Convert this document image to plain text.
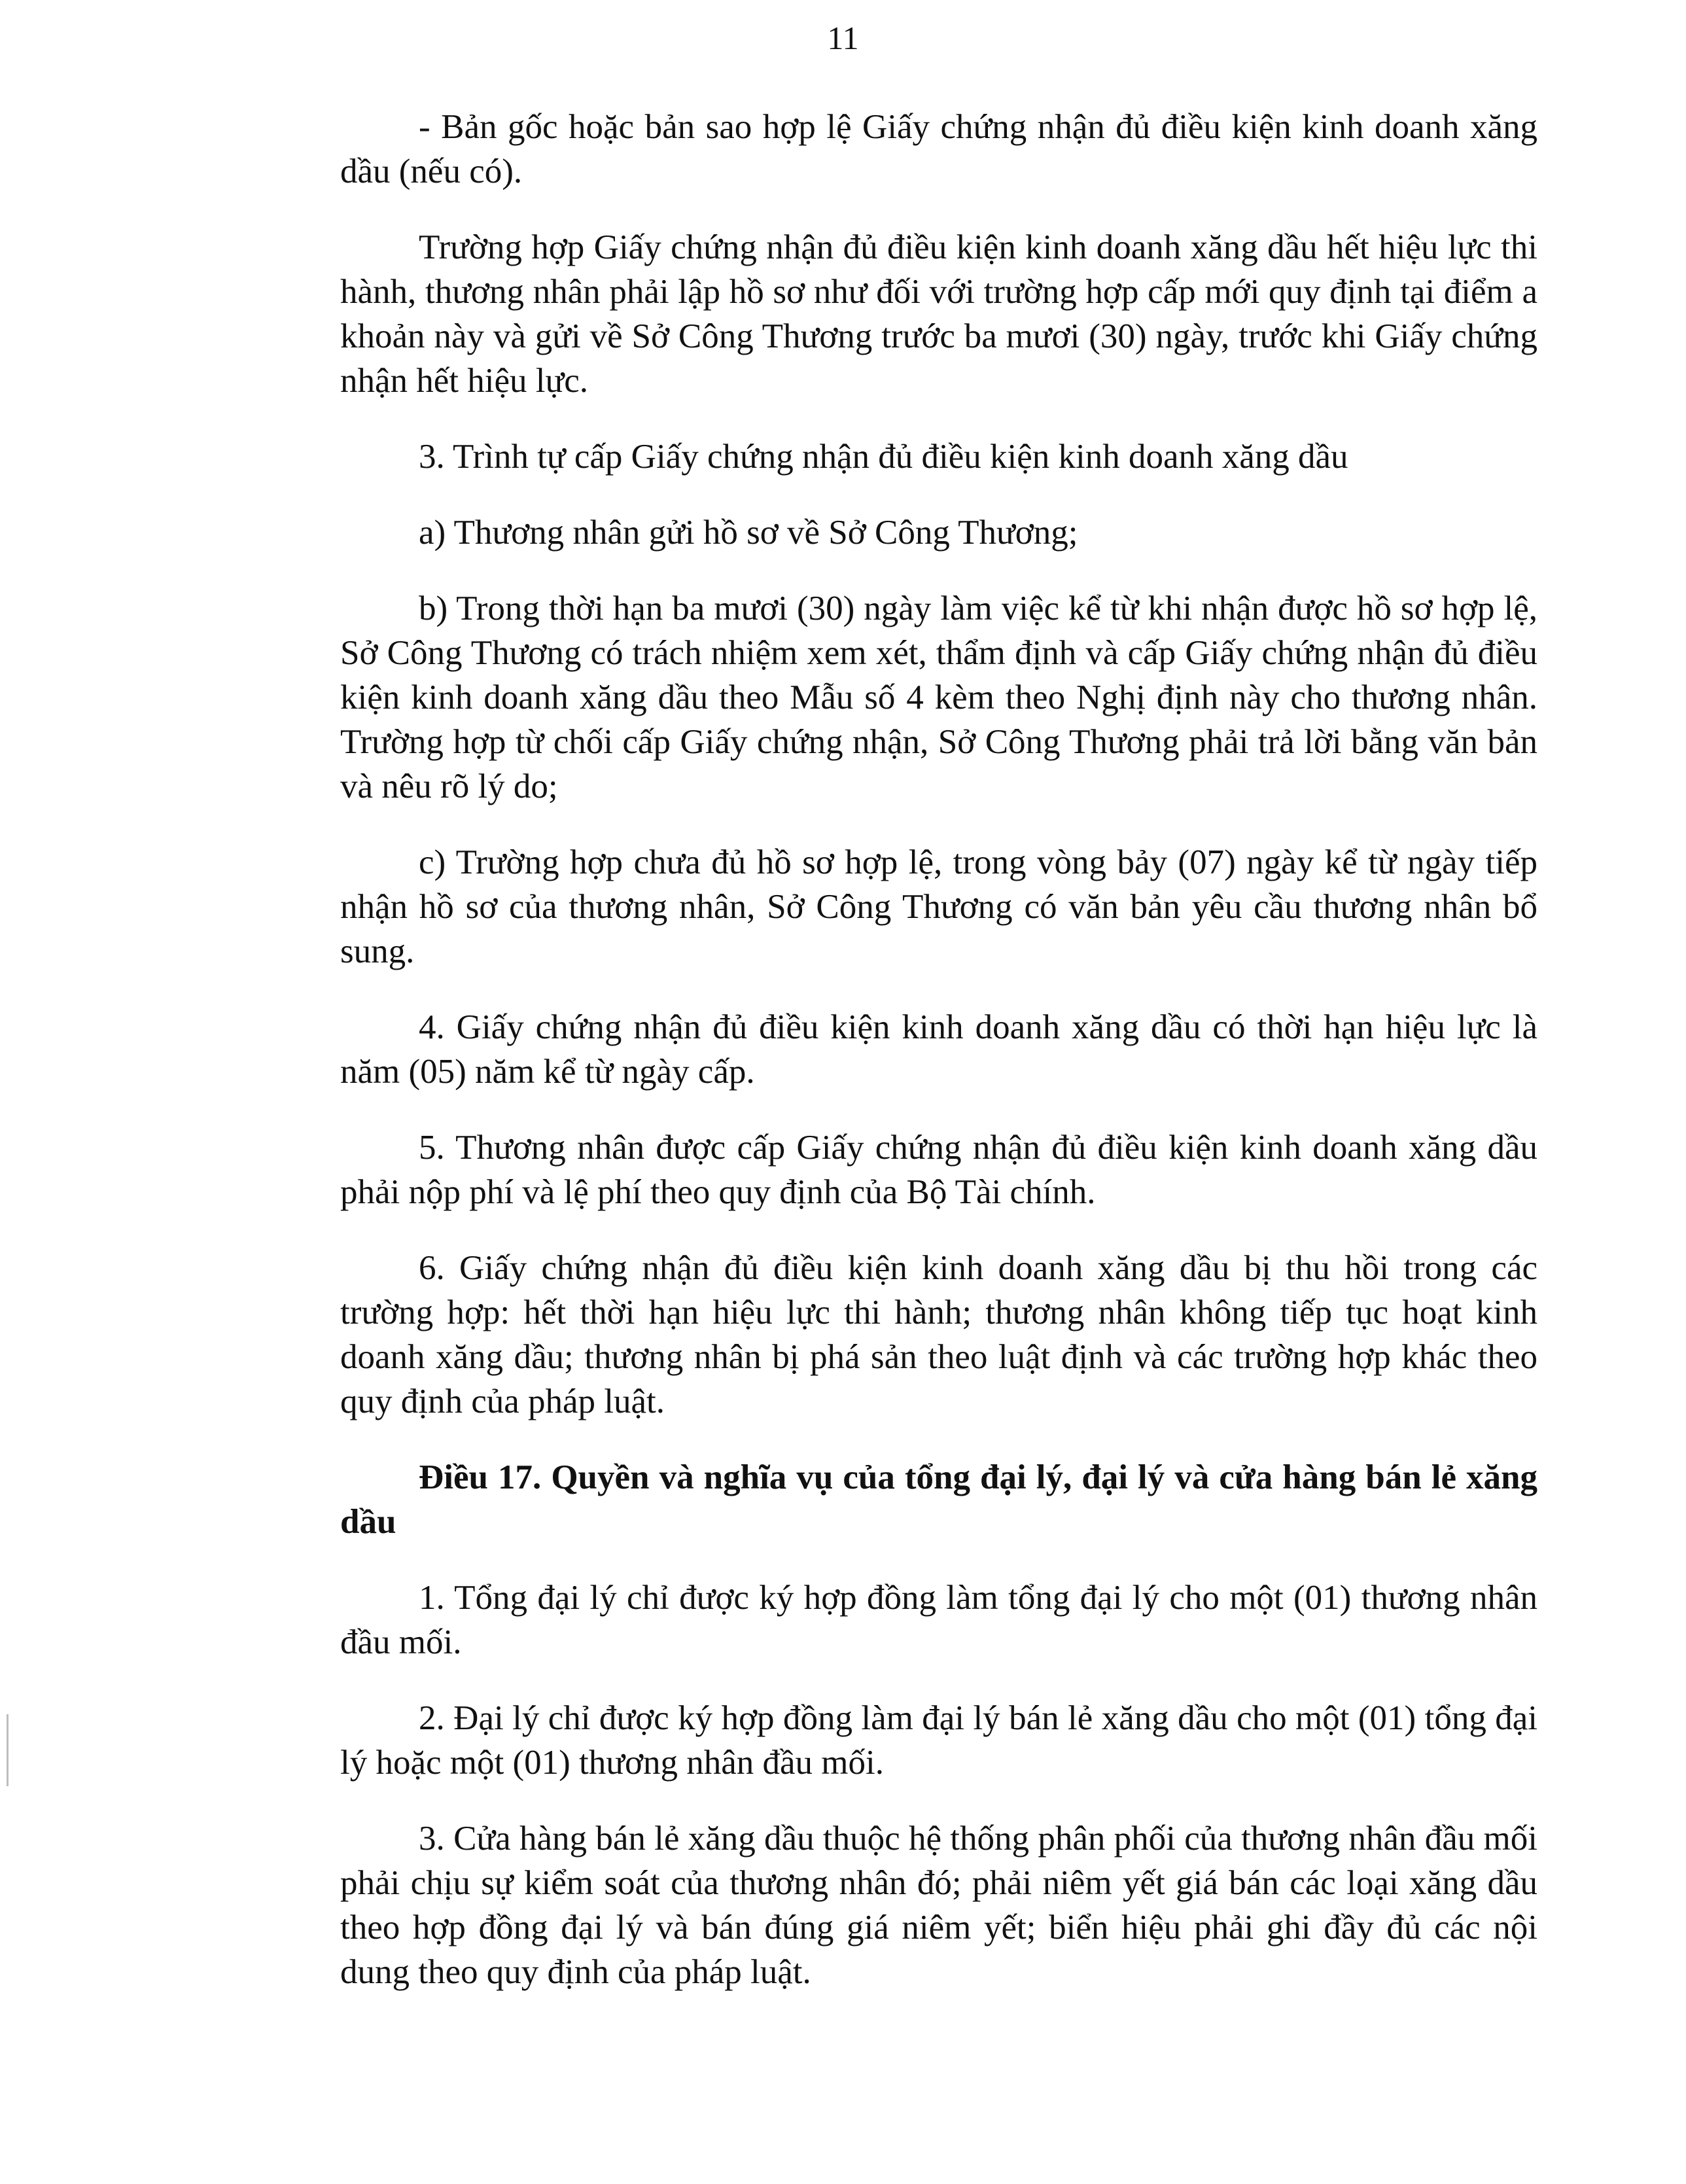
11

- Bản gốc hoặc bản sao hợp lệ Giấy chứng nhận đủ điều kiện kinh doanh xăng dầu (nếu có).

Trường hợp Giấy chứng nhận đủ điều kiện kinh doanh xăng dầu hết hiệu lực thi hành, thương nhân phải lập hồ sơ như đối với trường hợp cấp mới quy định tại điểm a khoản này và gửi về Sở Công Thương trước ba mươi (30) ngày, trước khi Giấy chứng nhận hết hiệu lực.

3. Trình tự cấp Giấy chứng nhận đủ điều kiện kinh doanh xăng dầu

a) Thương nhân gửi hồ sơ về Sở Công Thương;

b) Trong thời hạn ba mươi (30) ngày làm việc kể từ khi nhận được hồ sơ hợp lệ, Sở Công Thương có trách nhiệm xem xét, thẩm định và cấp Giấy chứng nhận đủ điều kiện kinh doanh xăng dầu theo Mẫu số 4 kèm theo Nghị định này cho thương nhân. Trường hợp từ chối cấp Giấy chứng nhận, Sở Công Thương phải trả lời bằng văn bản và nêu rõ lý do;

c) Trường hợp chưa đủ hồ sơ hợp lệ, trong vòng bảy (07) ngày kể từ ngày tiếp nhận hồ sơ của thương nhân, Sở Công Thương có văn bản yêu cầu thương nhân bổ sung.

4. Giấy chứng nhận đủ điều kiện kinh doanh xăng dầu có thời hạn hiệu lực là năm (05) năm kể từ ngày cấp.

5. Thương nhân được cấp Giấy chứng nhận đủ điều kiện kinh doanh xăng dầu phải nộp phí và lệ phí theo quy định của Bộ Tài chính.

6. Giấy chứng nhận đủ điều kiện kinh doanh xăng dầu bị thu hồi trong các trường hợp: hết thời hạn hiệu lực thi hành; thương nhân không tiếp tục hoạt kinh doanh xăng dầu; thương nhân bị phá sản theo luật định và các trường hợp khác theo quy định của pháp luật.

Điều 17. Quyền và nghĩa vụ của tổng đại lý, đại lý và cửa hàng bán lẻ xăng dầu

1. Tổng đại lý chỉ được ký hợp đồng làm tổng đại lý cho một (01) thương nhân đầu mối.

2. Đại lý chỉ được ký hợp đồng làm đại lý bán lẻ xăng dầu cho một (01) tổng đại lý hoặc một (01) thương nhân đầu mối.

3. Cửa hàng bán lẻ xăng dầu thuộc hệ thống phân phối của thương nhân đầu mối phải chịu sự kiểm soát của thương nhân đó; phải niêm yết giá bán các loại xăng dầu theo hợp đồng đại lý và bán đúng giá niêm yết; biển hiệu phải ghi đầy đủ các nội dung theo quy định của pháp luật.
